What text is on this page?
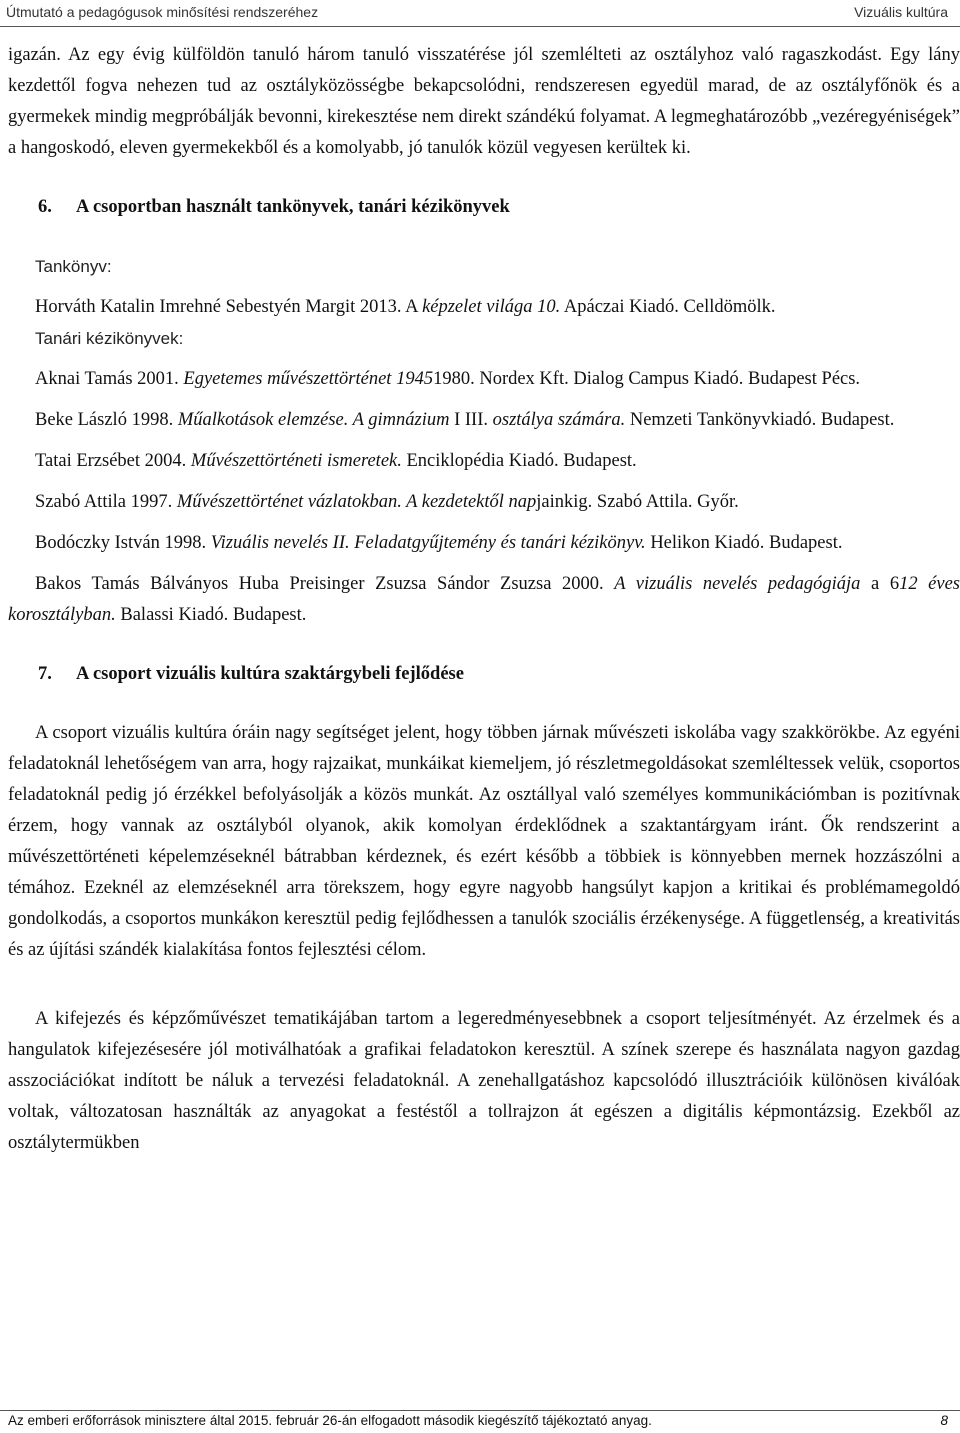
Útmutató a pedagógusok minősítési rendszeréhez	Vizuális kultúra

igazán. Az egy évig külföldön tanuló három tanuló visszatérése jól szemlélteti az osztályhoz való ragaszkodást. Egy lány kezdettől fogva nehezen tud az osztályközösségbe bekapcsolódni, rendszeresen egyedül marad, de az osztályfőnök és a gyermekek mindig megpróbálják bevonni, kirekesztése nem direkt szándékú folyamat. A legmeghatározóbb „vezéregyéniségek” a hangoskodó, eleven gyermekekből és a komolyabb, jó tanulók közül vegyesen kerültek ki.

6. A csoportban használt tankönyvek, tanári kézikönyvek
Tankönyv:
Horváth Katalin Imrehné Sebestyén Margit 2013. A képzelet világa 10. Apáczai Kiadó. Celldömölk.
Tanári kézikönyvek:
Aknai Tamás 2001. Egyetemes művészettörténet 19451980. Nordex Kft. Dialog Campus Kiadó. Budapest Pécs.
Beke László 1998. Műalkotások elemzése. A gimnázium I III. osztálya számára. Nemzeti Tankönyvkiadó. Budapest.
Tatai Erzsébet 2004. Művészettörténeti ismeretek. Enciklopédia Kiadó. Budapest.
Szabó Attila 1997. Művészettörténet vázlatokban. A kezdetektől napjainkig. Szabó Attila. Győr.
Bodóczky István 1998. Vizuális nevelés II. Feladatgyűjtemény és tanári kézikönyv. Helikon Kiadó. Budapest.
Bakos Tamás Bálványos Huba Preisinger Zsuzsa Sándor Zsuzsa 2000. A vizuális nevelés pedagógiája a 612 éves korosztályban. Balassi Kiadó. Budapest.
7. A csoport vizuális kultúra szaktárgybeli fejlődése

A csoport vizuális kultúra óráin nagy segítséget jelent, hogy többen járnak művészeti iskolába vagy szakkörökbe. Az egyéni feladatoknál lehetőségem van arra, hogy rajzaikat, munkáikat kiemeljem, jó részletmegoldásokat szemléltessek velük, csoportos feladatoknál pedig jó érzékkel befolyásolják a közös munkát. Az osztállyal való személyes kommunikációmban is pozitívnak érzem, hogy vannak az osztályból olyanok, akik komolyan érdeklődnek a szaktantárgyam iránt. Ők rendszerint a művészettörténeti képelemzéseknél bátrabban kérdeznek, és ezért később a többiek is könnyebben mernek hozzászólni a témához. Ezeknél az elemzéseknél arra törekszem, hogy egyre nagyobb hangsúlyt kapjon a kritikai és problémamegoldó gondolkodás, a csoportos munkákon keresztül pedig fejlődhessen a tanulók szociális érzékenysége. A függetlenség, a kreativitás és az újítási szándék kialakítása fontos fejlesztési célom.

A kifejezés és képzőművészet tematikájában tartom a legeredményesebbnek a csoport teljesítményét. Az érzelmek és a hangulatok kifejezésesére jól motiválhatóak a grafikai feladatokon keresztül. A színek szerepe és használata nagyon gazdag asszociációkat indított be náluk a tervezési feladatoknál. A zenehallgatáshoz kapcsolódó illusztrációik különösen kiválóak voltak, változatosan használták az anyagokat a festéstől a tollrajzon át egészen a digitális képmontázsig. Ezekből az osztálytermükben

Az emberi erőforrások minisztere által 2015. február 26-án elfogadott második kiegészítő tájékoztató anyag.	8
